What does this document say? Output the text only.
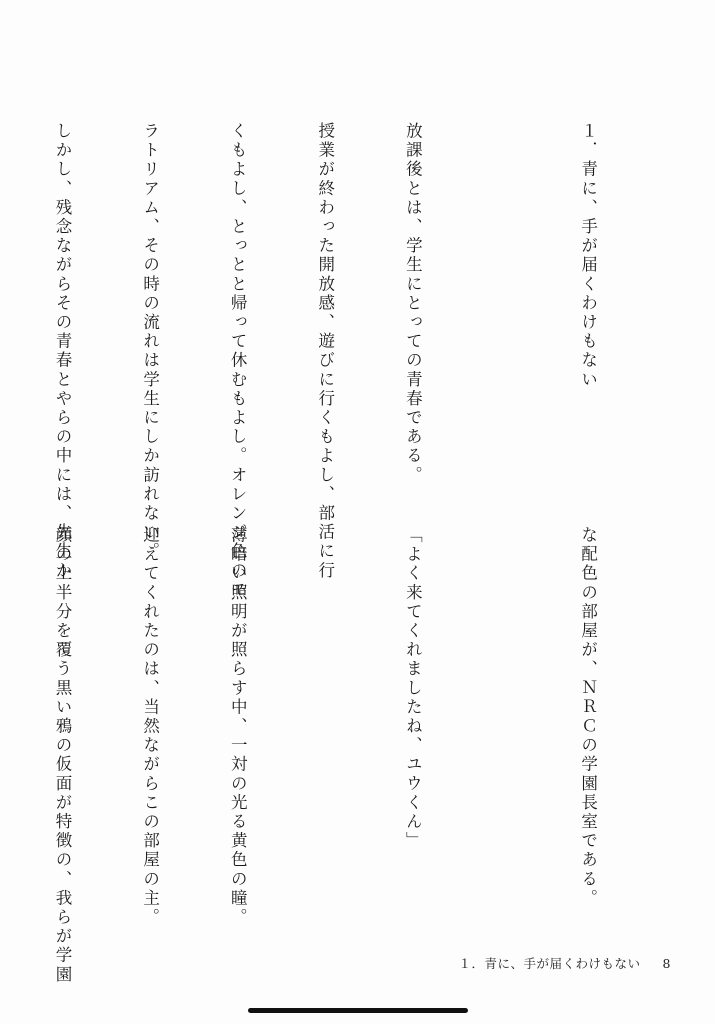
１．青に、手が届くわけもない

放課後とは、学生にとっての青春である。

授業が終わった開放感、遊びに行くもよし、部活に行

くもよし、とっとと帰って休むもよし。オレンジ色のモ

ラトリアム、その時の流れは学生にしか訪れない。

しかし、残念ながらその青春とやらの中には、先生か

な配色の部屋が、ＮＲＣの学園長室である。

「よく来てくれましたね、ユウくん」

薄暗い照明が照らす中、一対の光る黄色の瞳。

迎えてくれたのは、当然ながらこの部屋の主。

顔の上半分を覆う黒い鴉の仮面が特徴の、我らが学園

	１．青に、手が届くわけもない 8
